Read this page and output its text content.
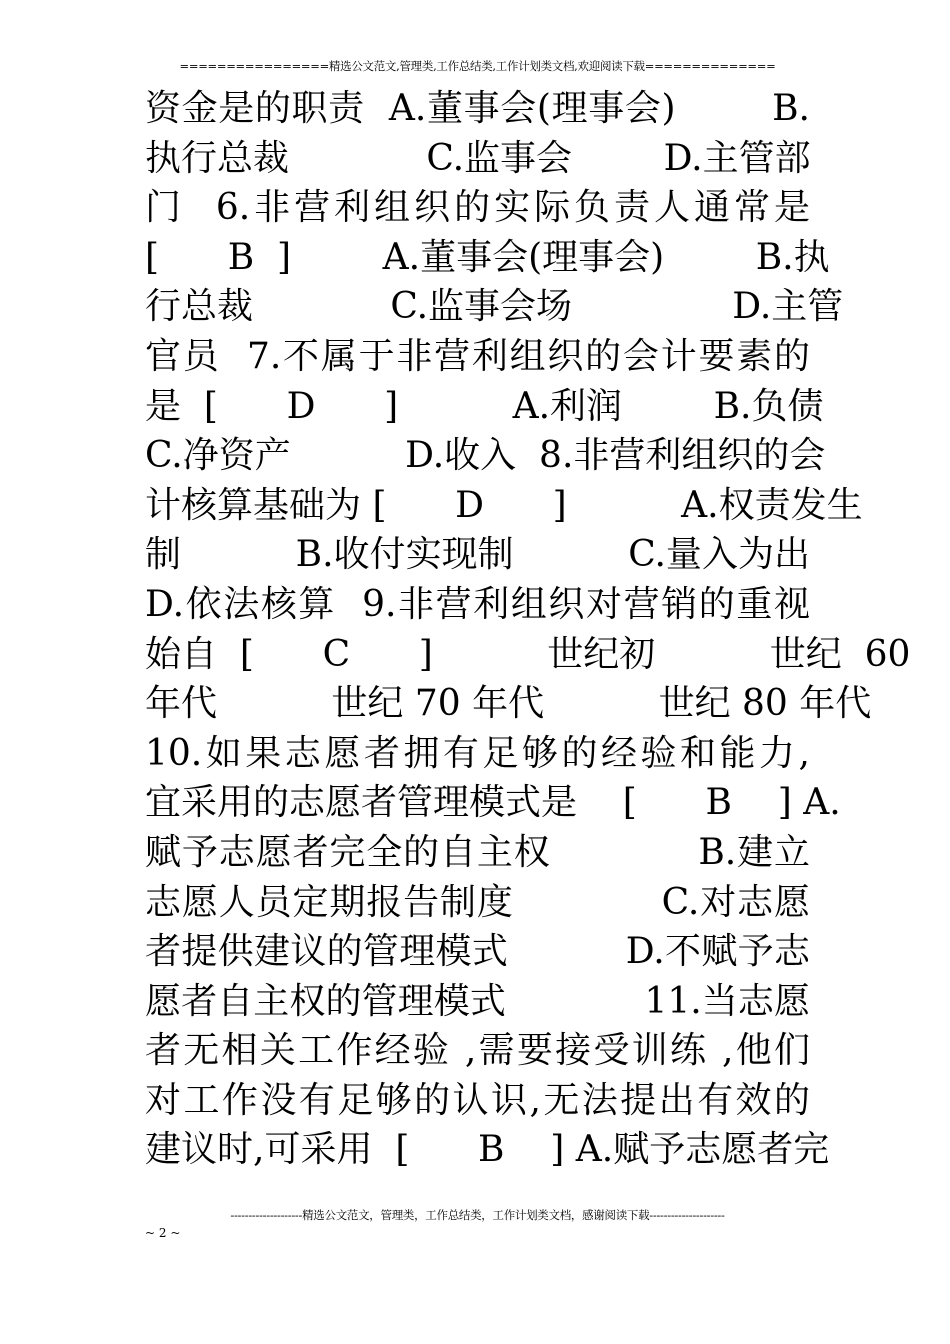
================精选公文范文,管理类,工作总结类,工作计划类文档,欢迎阅读下载==============
资金是的职责  A.董事会(理事会)        B.
执行总裁            C.监事会        D.主管部
门  6.非营利组织的实际负责人通常是
[      B  ]        A.董事会(理事会)        B.执
行总裁            C.监事会场              D.主管
官员  7.不属于非营利组织的会计要素的
是  [      D      ]          A.利润        B.负债
C.净资产          D.收入  8.非营利组织的会
计核算基础为 [      D      ]          A.权责发生
制          B.收付实现制          C.量入为出
D.依法核算  9.非营利组织对营销的重视
始自  [      C      ]          世纪初          世纪  60
年代          世纪 70 年代          世纪 80 年代
10.如果志愿者拥有足够的经验和能力,
宜采用的志愿者管理模式是    [      B    ] A.
赋予志愿者完全的自主权            B.建立
志愿人员定期报告制度            C.对志愿
者提供建议的管理模式          D.不赋予志
愿者自主权的管理模式            11.当志愿
者无相关工作经验 ,需要接受训练 ,他们
对工作没有足够的认识,无法提出有效的
建议时,可采用  [      B    ] A.赋予志愿者完
--------------------精选公文范文，管理类，工作总结类，工作计划类文档，感谢阅读下载---------------------
~ 2 ~
